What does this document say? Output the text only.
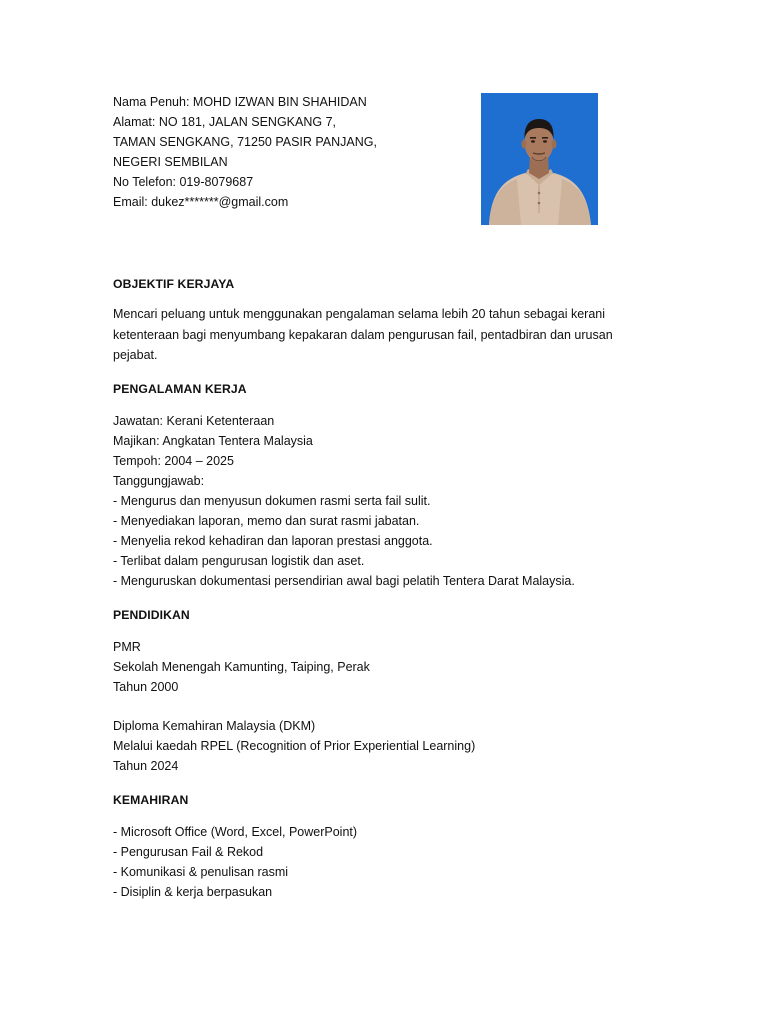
Nama Penuh: MOHD IZWAN BIN SHAHIDAN
Alamat: NO 181, JALAN SENGKANG 7,
TAMAN SENGKANG, 71250 PASIR PANJANG,
NEGERI SEMBILAN
No Telefon: 019-8079687
Email: dukez*******@gmail.com
OBJEKTIF KERJAYA
Mencari peluang untuk menggunakan pengalaman selama lebih 20 tahun sebagai kerani
ketenteraan bagi menyumbang kepakaran dalam pengurusan fail, pentadbiran dan urusan
pejabat.
PENGALAMAN KERJA
Jawatan: Kerani Ketenteraan
Majikan: Angkatan Tentera Malaysia
Tempoh: 2004 – 2025
Tanggungjawab:
- Mengurus dan menyusun dokumen rasmi serta fail sulit.
- Menyediakan laporan, memo dan surat rasmi jabatan.
- Menyelia rekod kehadiran dan laporan prestasi anggota.
- Terlibat dalam pengurusan logistik dan aset.
- Menguruskan dokumentasi persendirian awal bagi pelatih Tentera Darat Malaysia.
PENDIDIKAN
PMR
Sekolah Menengah Kamunting, Taiping, Perak
Tahun 2000
Diploma Kemahiran Malaysia (DKM)
Melalui kaedah RPEL (Recognition of Prior Experiential Learning)
Tahun 2024
KEMAHIRAN
- Microsoft Office (Word, Excel, PowerPoint)
- Pengurusan Fail & Rekod
- Komunikasi & penulisan rasmi
- Disiplin & kerja berpasukan
